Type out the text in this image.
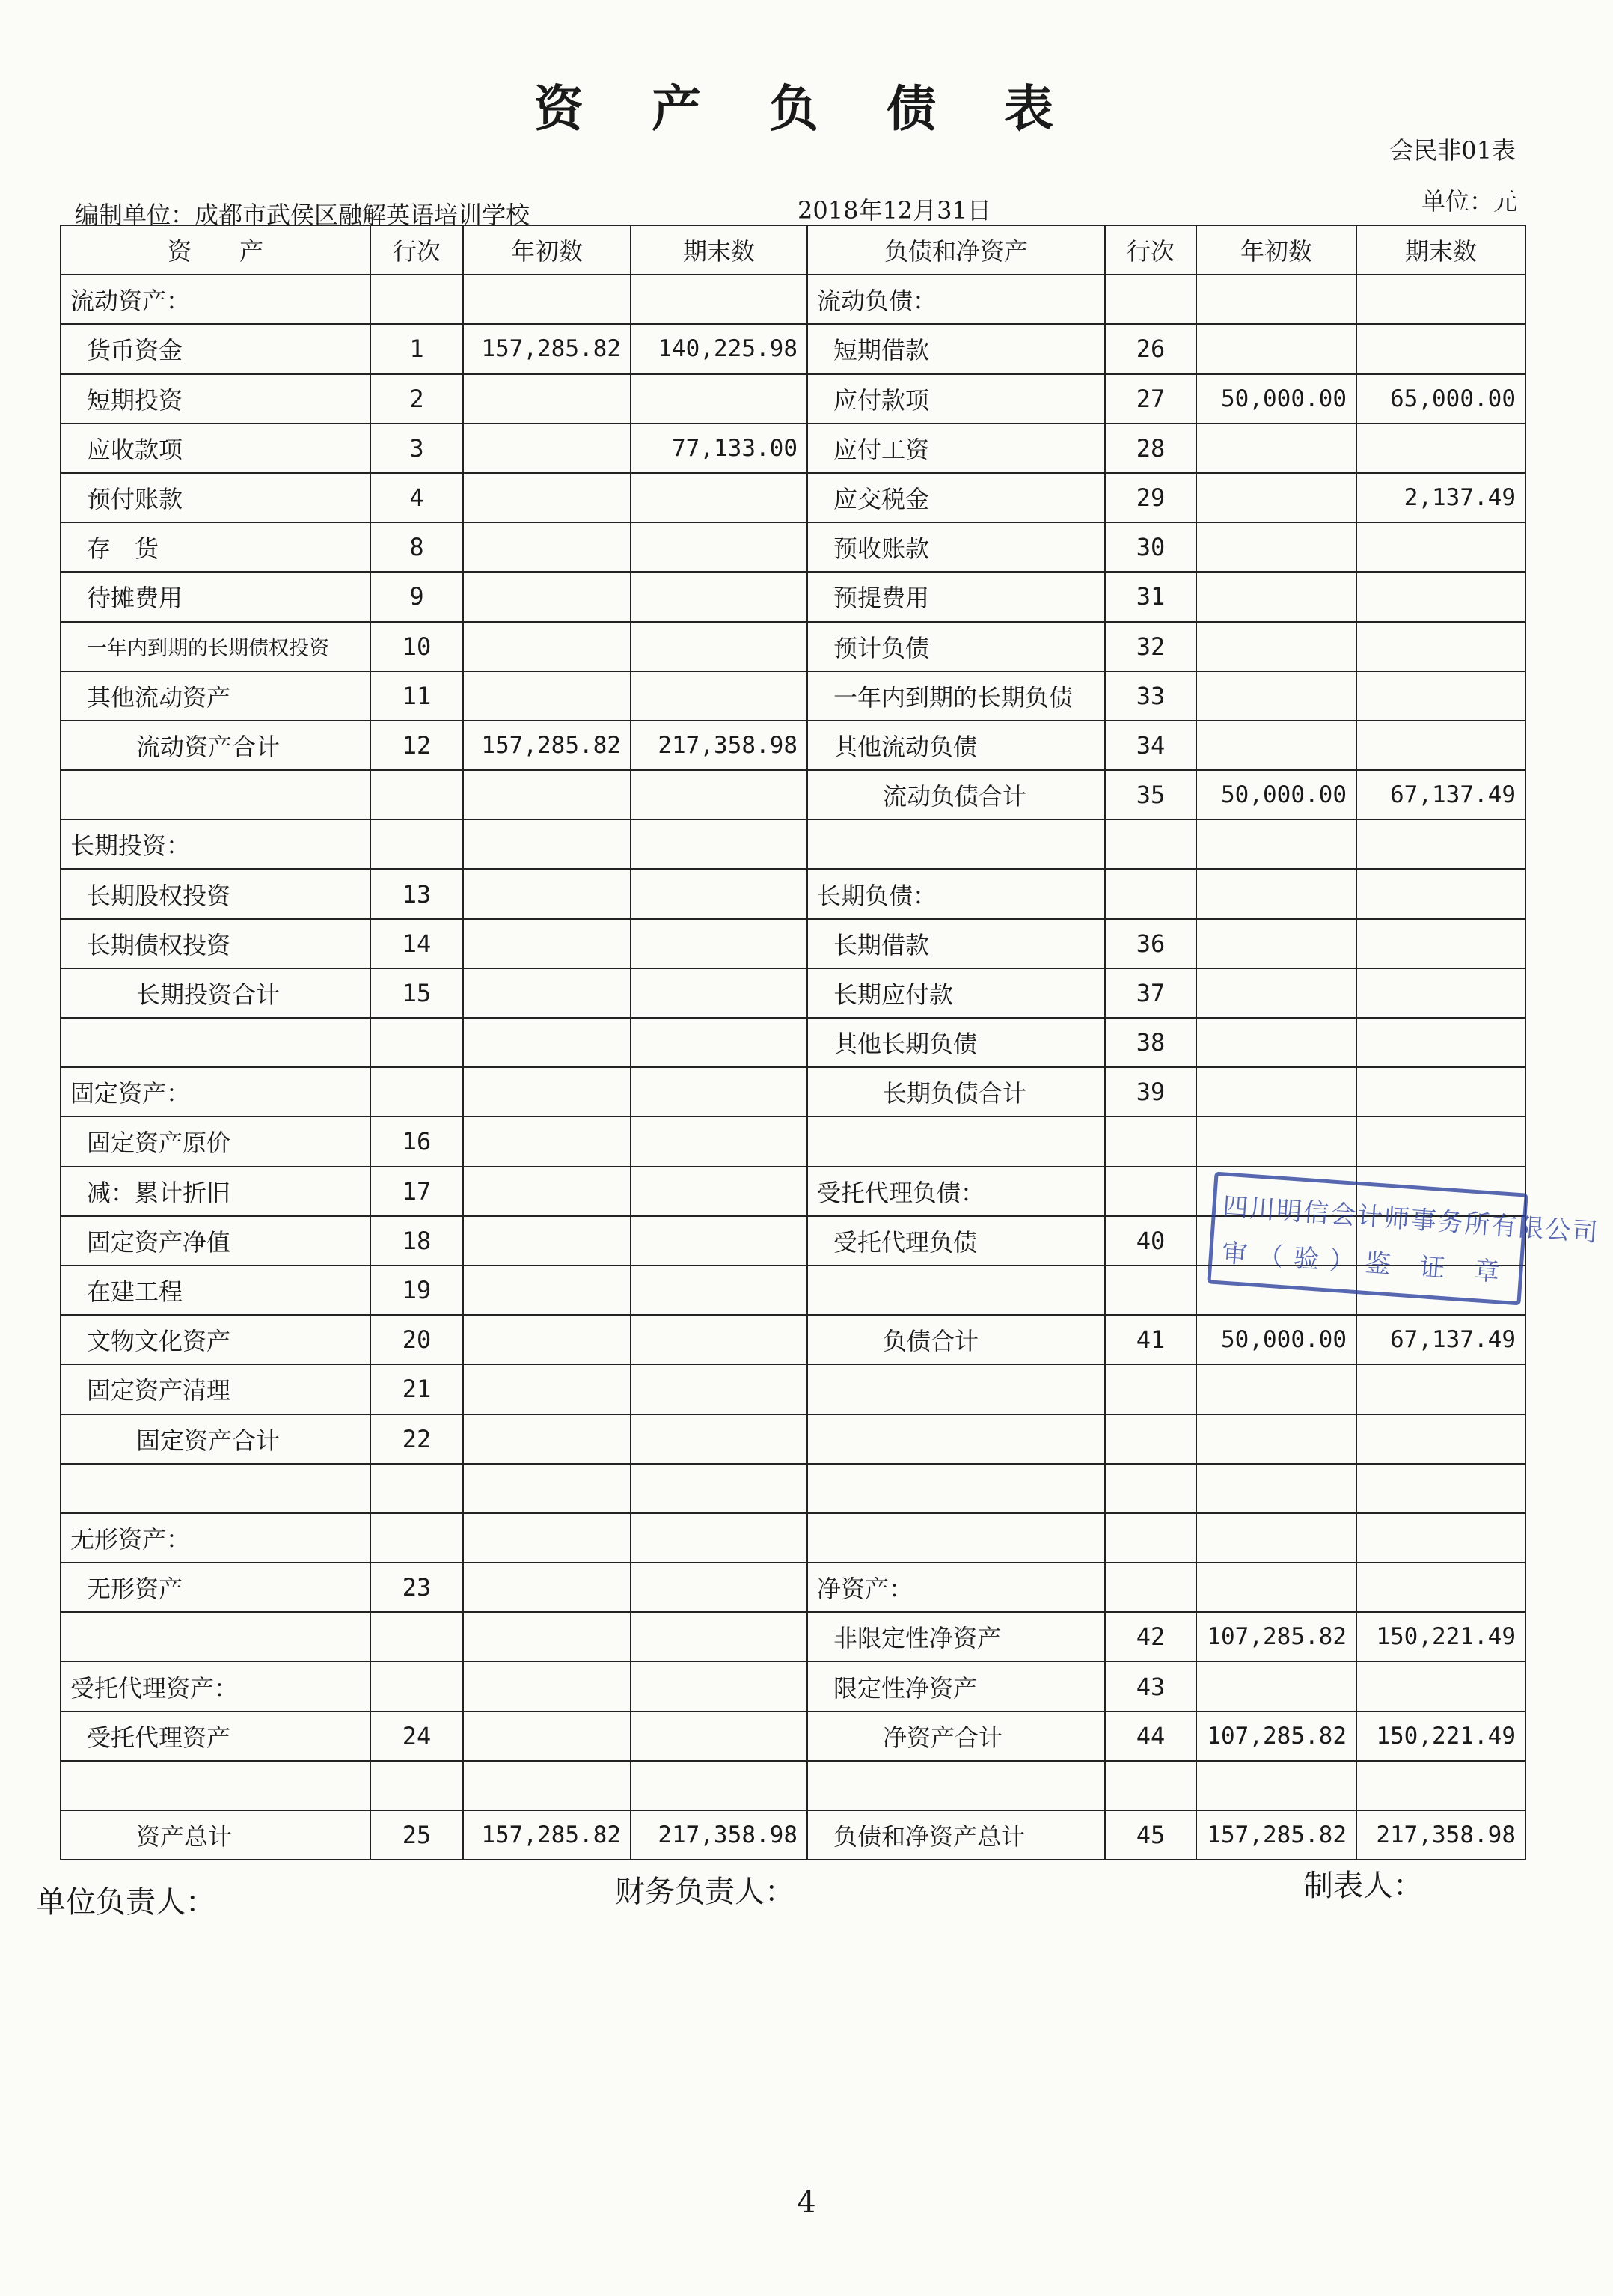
资 产 负 债 表
会民非01表
编制单位：成都市武侯区融解英语培训学校	2018年12月31日	单位：元
资　　产	行次	年初数	期末数	负债和净资产	行次	年初数	期末数
流动资产：				流动负债：			
货币资金	1	157,285.82	140,225.98	短期借款	26		
短期投资	2			应付款项	27	50,000.00	65,000.00
应收款项	3		77,133.00	应付工资	28		
预付账款	4			应交税金	29		2,137.49
存　货	8			预收账款	30		
待摊费用	9			预提费用	31		
一年内到期的长期债权投资	10			预计负债	32		
其他流动资产	11			一年内到期的长期负债	33		
流动资产合计	12	157,285.82	217,358.98	其他流动负债	34		
				流动负债合计	35	50,000.00	67,137.49
长期投资：							
长期股权投资	13			长期负债：			
长期债权投资	14			长期借款	36		
长期投资合计	15			长期应付款	37		
				其他长期负债	38		
固定资产：				长期负债合计	39		
固定资产原价	16						
减：累计折旧	17			受托代理负债：			
固定资产净值	18			受托代理负债	40		
在建工程	19						
文物文化资产	20			负债合计	41	50,000.00	67,137.49
固定资产清理	21						
固定资产合计	22						

无形资产：							
无形资产	23			净资产：			
				非限定性净资产	42	107,285.82	150,221.49
受托代理资产：				限定性净资产	43		
受托代理资产	24			净资产合计	44	107,285.82	150,221.49

资产总计	25	157,285.82	217,358.98	负债和净资产总计	45	157,285.82	217,358.98
四川明信会计师事务所有限公司
审（验）鉴 证 章
单位负责人：	财务负责人：	制表人：
4
